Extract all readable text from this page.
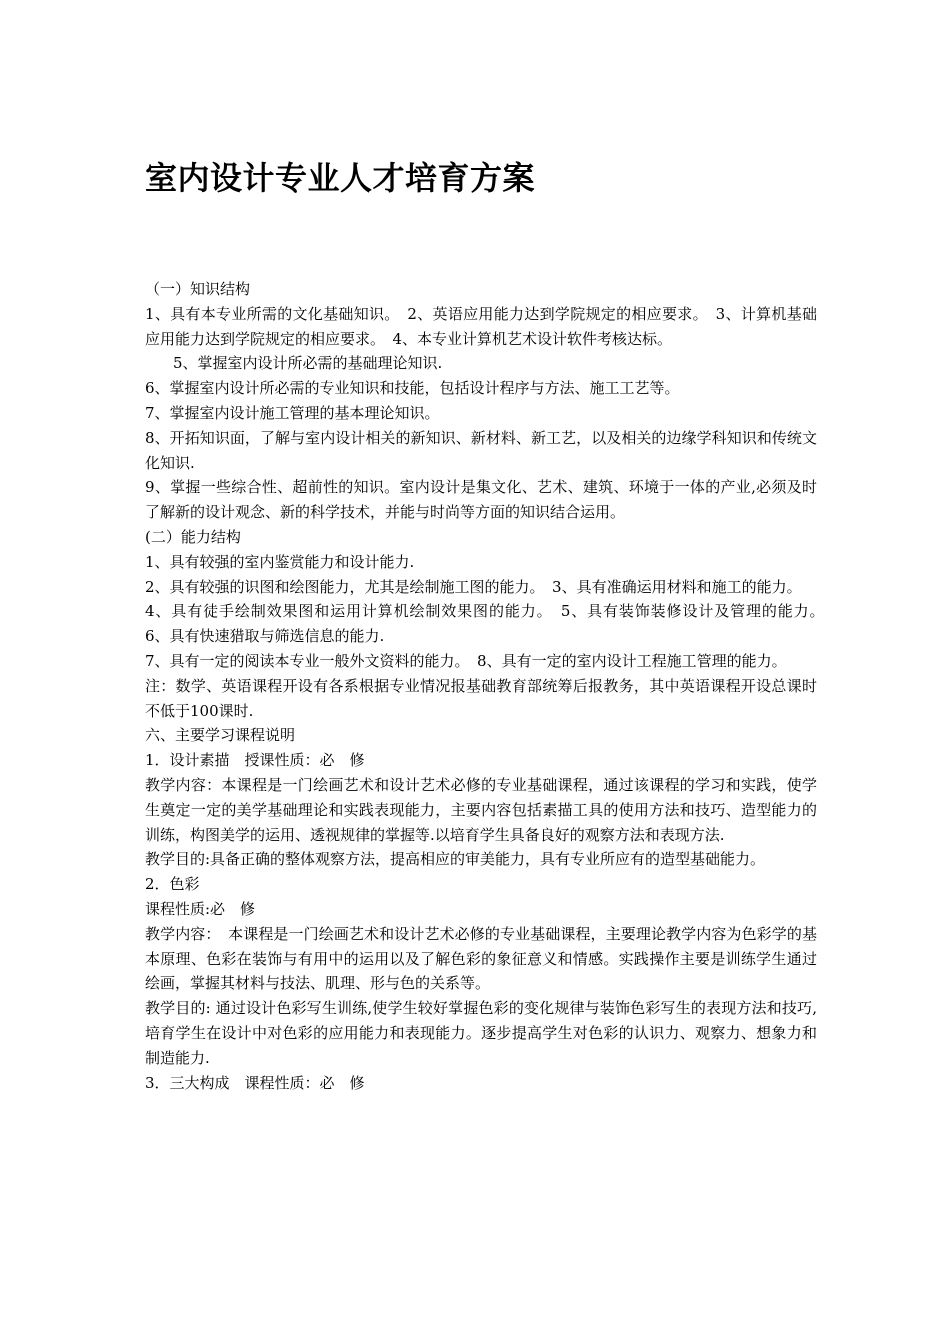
室内设计专业人才培育方案

（一）知识结构

1、具有本专业所需的文化基础知识。　2、英语应用能力达到学院规定的相应要求。　3、计算机基础应用能力达到学院规定的相应要求。　4、本专业计算机艺术设计软件考核达标。

5、掌握室内设计所必需的基础理论知识.

6、掌握室内设计所必需的专业知识和技能，包括设计程序与方法、施工工艺等。

7、掌握室内设计施工管理的基本理论知识。

8、开拓知识面，了解与室内设计相关的新知识、新材料、新工艺，以及相关的边缘学科知识和传统文化知识.

9、掌握一些综合性、超前性的知识。室内设计是集文化、艺术、建筑、环境于一体的产业,必须及时了解新的设计观念、新的科学技术，并能与时尚等方面的知识结合运用。

(二）能力结构

1、具有较强的室内鉴赏能力和设计能力.

2、具有较强的识图和绘图能力，尤其是绘制施工图的能力。　3、具有准确运用材料和施工的能力。

4、具有徒手绘制效果图和运用计算机绘制效果图的能力。　5、具有装饰装修设计及管理的能力。　6、具有快速猎取与筛选信息的能力.

7、具有一定的阅读本专业一般外文资料的能力。　8、具有一定的室内设计工程施工管理的能力。

注：数学、英语课程开设有各系根据专业情况报基础教育部统筹后报教务，其中英语课程开设总课时不低于100课时.

六、主要学习课程说明

1．设计素描　授课性质：必　修

教学内容：本课程是一门绘画艺术和设计艺术必修的专业基础课程，通过该课程的学习和实践，使学生奠定一定的美学基础理论和实践表现能力，主要内容包括素描工具的使用方法和技巧、造型能力的训练，构图美学的运用、透视规律的掌握等.以培育学生具备良好的观察方法和表现方法.

教学目的:具备正确的整体观察方法，提高相应的审美能力，具有专业所应有的造型基础能力。

2．色彩

课程性质:必　修

教学内容：　本课程是一门绘画艺术和设计艺术必修的专业基础课程，主要理论教学内容为色彩学的基本原理、色彩在装饰与有用中的运用以及了解色彩的象征意义和情感。实践操作主要是训练学生通过绘画，掌握其材料与技法、肌理、形与色的关系等。

教学目的: 通过设计色彩写生训练,使学生较好掌握色彩的变化规律与装饰色彩写生的表现方法和技巧,培育学生在设计中对色彩的应用能力和表现能力。逐步提高学生对色彩的认识力、观察力、想象力和制造能力.

3．三大构成　课程性质：必　修
